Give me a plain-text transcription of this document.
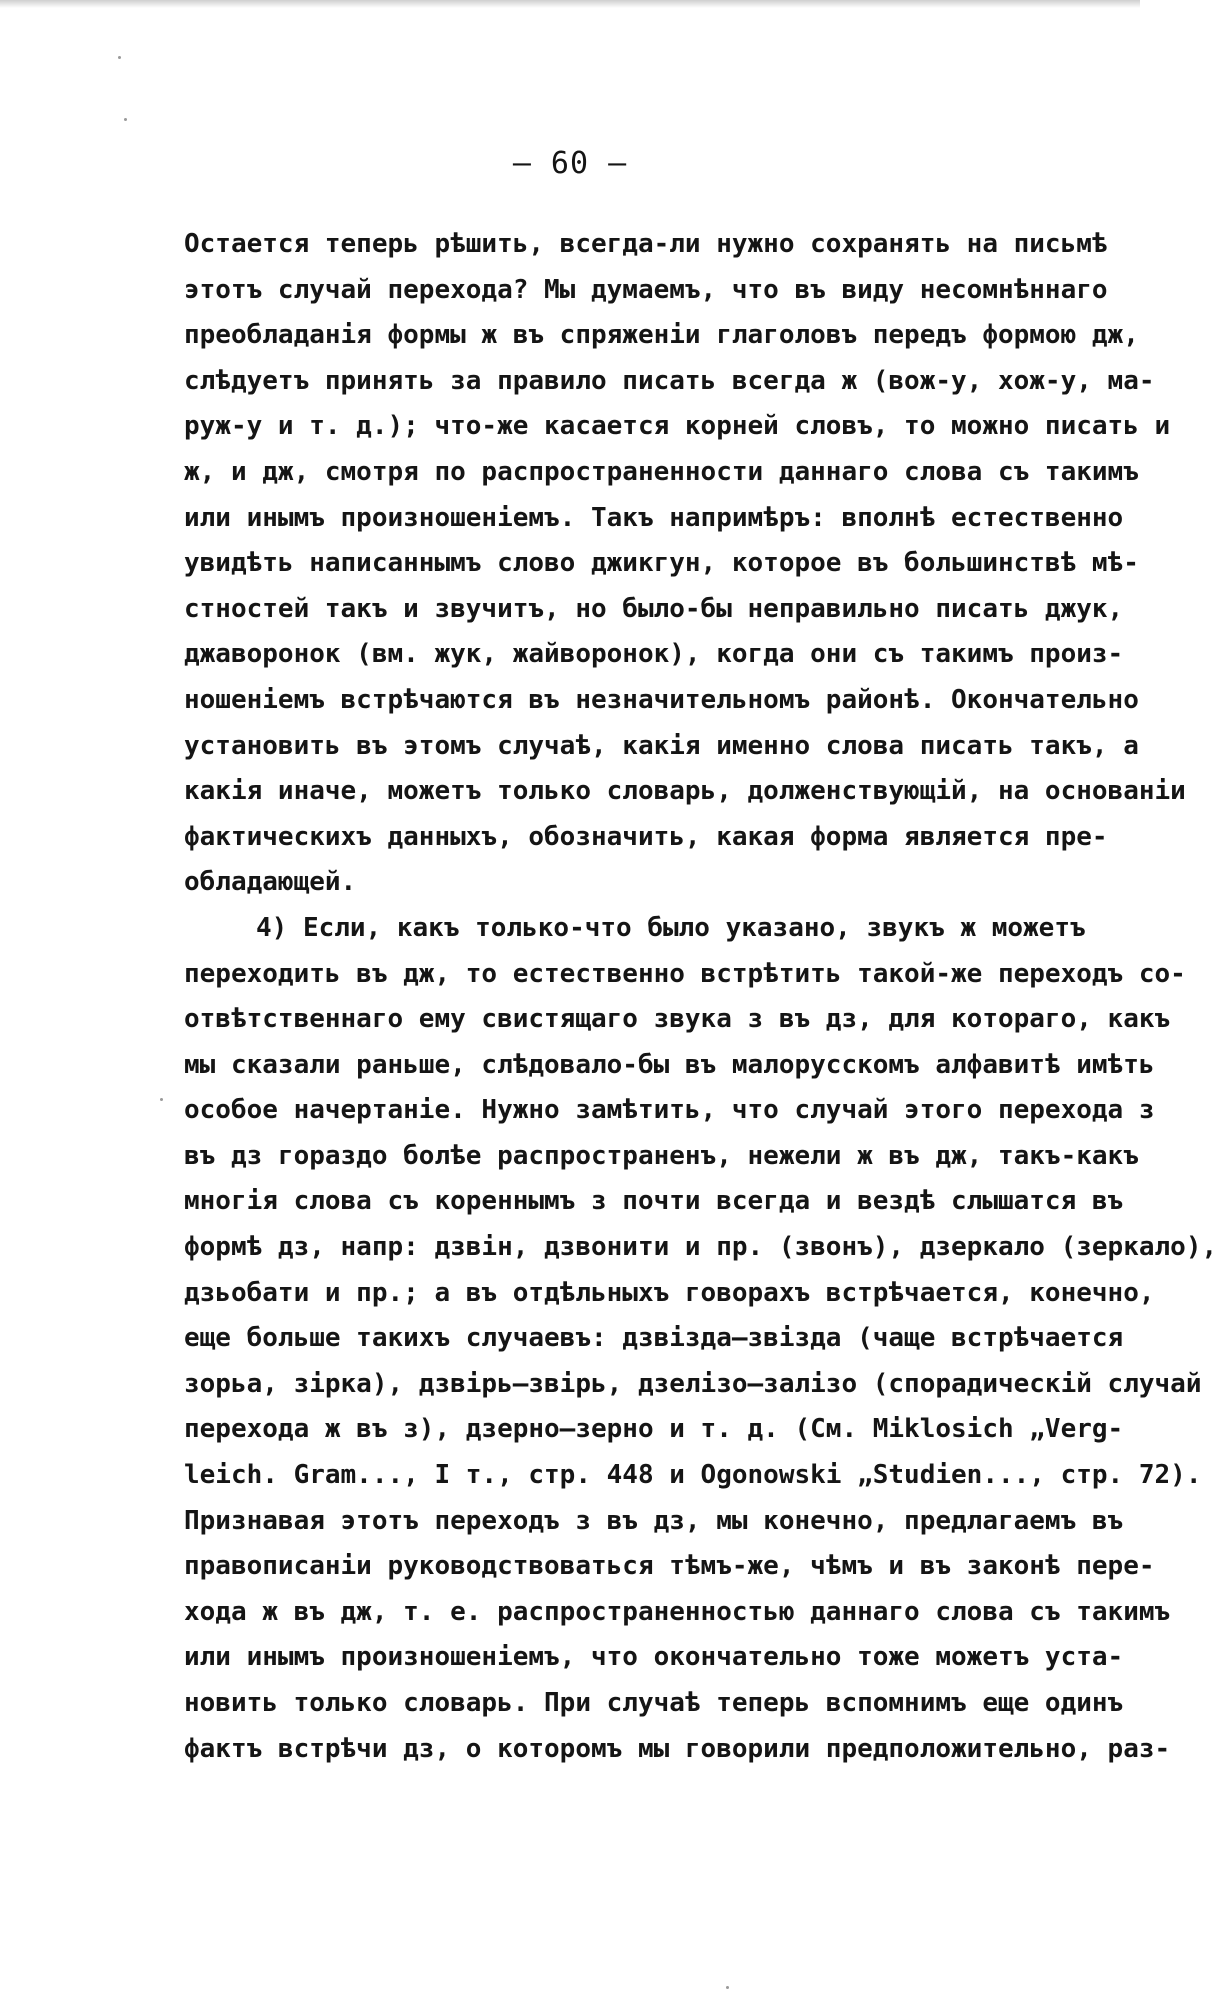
— 60 —
Остается теперь рѣшить, всегда-ли нужно сохранять на письмѣ
этотъ случай перехода? Мы думаемъ, что въ виду несомнѣннаго
преобладанія формы ж въ спряженіи глаголовъ передъ формою дж,
слѣдуетъ принять за правило писать всегда ж (вож-у, хож-у, ма-
руж-у и т. д.); что-же касается корней словъ, то можно писать и
ж, и дж, смотря по распространенности даннаго слова съ такимъ
или инымъ произношеніемъ. Такъ напримѣръ: вполнѣ естественно
увидѣть написаннымъ слово джикгун, которое въ большинствѣ мѣ-
стностей такъ и звучитъ, но было-бы неправильно писать джук,
джаворонок (вм. жук, жайворонок), когда они съ такимъ произ-
ношеніемъ встрѣчаются въ незначительномъ районѣ. Окончательно
установить въ этомъ случаѣ, какія именно слова писать такъ, а
какія иначе, можетъ только словарь, долженствующій, на основаніи
фактическихъ данныхъ, обозначить, какая форма является пре-
обладающей.
4) Если, какъ только-что было указано, звукъ ж можетъ
переходить въ дж, то естественно встрѣтить такой-же переходъ со-
отвѣтственнаго ему свистящаго звука з въ дз, для котораго, какъ
мы сказали раньше, слѣдовало-бы въ малорусскомъ алфавитѣ имѣть
особое начертаніе. Нужно замѣтить, что случай этого перехода з
въ дз гораздо болѣе распространенъ, нежели ж въ дж, такъ-какъ
многія слова съ кореннымъ з почти всегда и вездѣ слышатся въ
формѣ дз, напр: дзвін, дзвонити и пр. (звонъ), дзеркало (зеркало),
дзьобати и пр.; а въ отдѣльныхъ говорахъ встрѣчается, конечно,
еще больше такихъ случаевъ: дзвізда—звізда (чаще встрѣчается
зорьа, зірка), дзвірь—звірь, дзелізо—залізо (спорадическій случай
перехода ж въ з), дзерно—зерно и т. д. (См. Miklosich „Verg-
leich. Gram..., I т., стр. 448 и Ogonowski „Studien..., стр. 72).
Признавая этотъ переходъ з въ дз, мы конечно, предлагаемъ въ
правописаніи руководствоваться тѣмъ-же, чѣмъ и въ законѣ пере-
хода ж въ дж, т. е. распространенностью даннаго слова съ такимъ
или инымъ произношеніемъ, что окончательно тоже можетъ уста-
новить только словарь. При случаѣ теперь вспомнимъ еще одинъ
фактъ встрѣчи дз, о которомъ мы говорили предположительно, раз-
